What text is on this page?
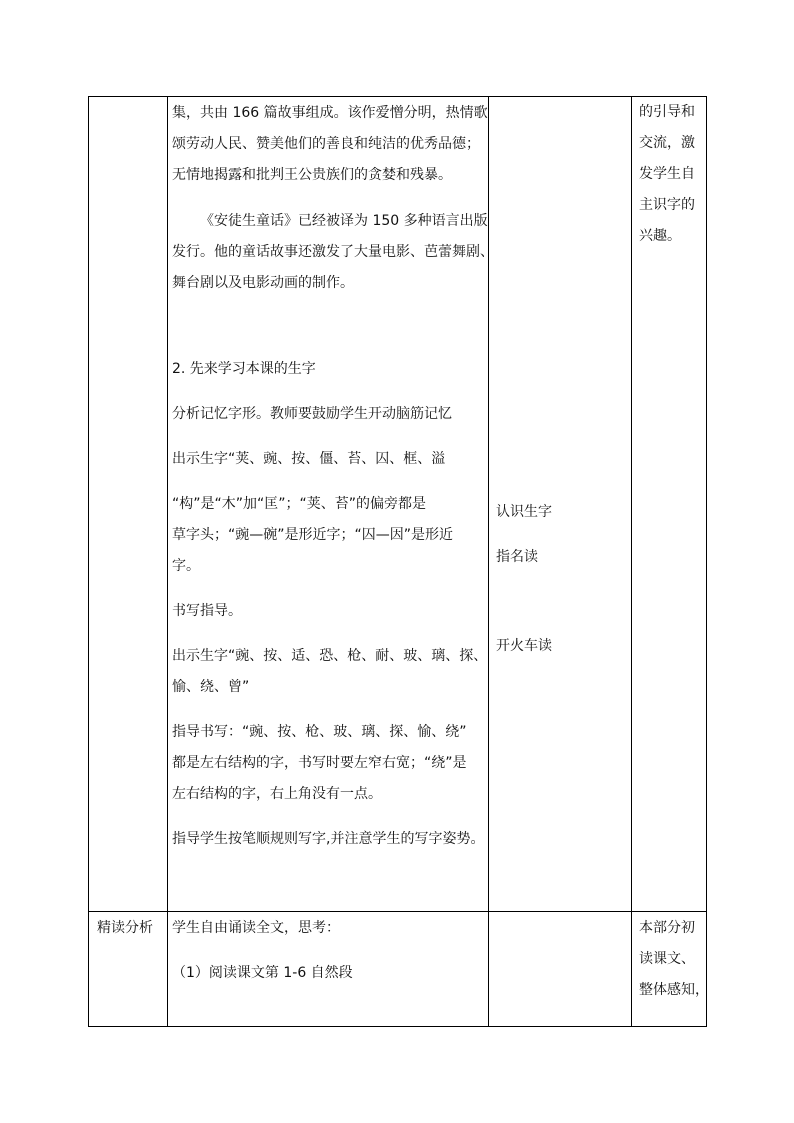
集，共由 166 篇故事组成。该作爱憎分明，热情歌
颂劳动人民、赞美他们的善良和纯洁的优秀品德；
无情地揭露和批判王公贵族们的贪婪和残暴。
《安徒生童话》已经被译为 150 多种语言出版
发行。他的童话故事还激发了大量电影、芭蕾舞剧、
舞台剧以及电影动画的制作。
2. 先来学习本课的生字
分析记忆字形。教师要鼓励学生开动脑筋记忆
出示生字“荚、豌、按、僵、苔、囚、框、溢
“构”是“木”加“匡”；“荚、苔”的偏旁都是
草字头；“豌—碗”是形近字；“囚—因”是形近
字。
书写指导。
出示生字“豌、按、适、恐、枪、耐、玻、璃、探、
愉、绕、曾”
指导书写：“豌、按、枪、玻、璃、探、愉、绕”
都是左右结构的字，书写时要左窄右宽；“绕”是
左右结构的字，右上角没有一点。
指导学生按笔顺规则写字,并注意学生的写字姿势。
认识生字
指名读
开火车读
的引导和
交流，激
发学生自
主识字的
兴趣。
精读分析 学生自由诵读全文，思考：
（1）阅读课文第 1-6 自然段
本部分初
读课文、
整体感知，
